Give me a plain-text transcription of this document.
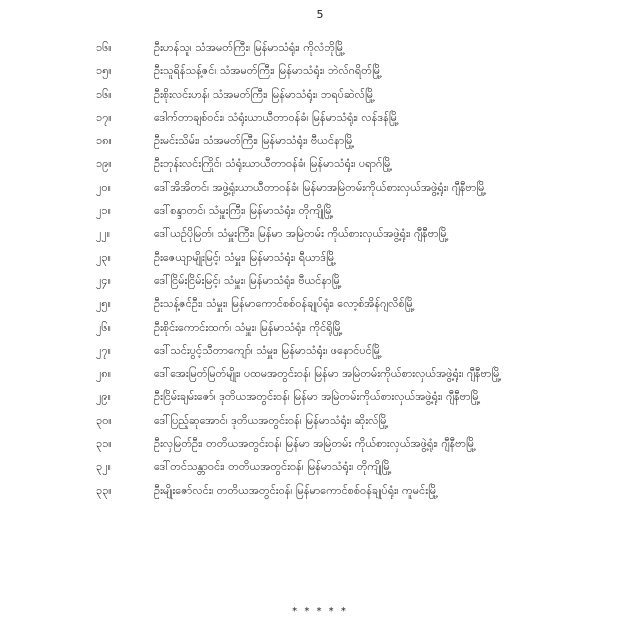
5
၁၆။	ဦးဟန်သူ၊ သံအမတ်ကြီး၊ မြန်မာသံရုံး၊ ကိုလံဘိုမြို့
၁၅။	ဦးသူရိန်သန့်ဇင်၊ သံအမတ်ကြီး၊ မြန်မာသံရုံး၊ ဘဲလ်ဂရိတ်မြို့
၁၆။	ဦးစိုးလင်းဟန်၊ သံအမတ်ကြီး၊ မြန်မာသံရုံး၊ ဘရပ်ဆဲလ်မြို့
၁၇။	ဒေါက်တာချစ်ဝင်း၊ သံရုံးယာယီတာဝန်ခံ၊ မြန်မာသံရုံး၊ လန်ဒန်မြို့
၁၈။	ဦးမင်းသိမ်း၊ သံအမတ်ကြီး၊ မြန်မာသံရုံး၊ ဗီယင်နာမြို့
၁၉။	ဦးဘုန်းလင်းကြိုင်၊ သံရုံးယာယီတာဝန်ခံ၊ မြန်မာသံရုံး၊ ပရာဂ်မြို့
၂၀။	ဒေါ်အိအိတင်၊ အဖွဲ့ရုံးယာယီတာဝန်ခံ၊ မြန်မာအမြဲတမ်းကိုယ်စားလှယ်အဖွဲ့ရုံး၊ ဂျီနီဗာမြို့
၂၁။	ဒေါ်စန္ဒာတင်၊ သံမှူးကြီး၊ မြန်မာသံရုံး၊ တိုကျိုမြို့
၂၂။	ဒေါ်ယဉ်ပိုမြတ်၊ သံမှူးကြီး၊ မြန်မာ အမြဲတမ်း ကိုယ်စားလှယ်အဖွဲ့ရုံး၊ ဂျီနီဗာမြို့
၂၃။	ဦးဇေယျာမျိုးမြင့်၊ သံမှူး၊ မြန်မာသံရုံး၊ ရီယာဒ်မြို့
၂၄။	ဒေါ်ငြိမ်းငြိမ်းမြင့်၊ သံမှူး၊ မြန်မာသံရုံး၊ ဗီယင်နာမြို့
၂၅။	ဦးသန့်ဇင်ဦး၊ သံမှူး၊ မြန်မာကောင်စစ်ဝန်ချုပ်ရုံး၊ လော့စ်အိန်ဂျလိစ်မြို့
၂၆။	ဦးစိုင်းကောင်းထက်၊ သံမှူး၊ မြန်မာသံရုံး၊ ကိုင်ရိုမြို့
၂၇။	ဒေါ်သင်းပွင့်သီတာကျော်၊ သံမှူး၊ မြန်မာသံရုံး၊ ဖနောင်ပင်မြို့
၂၈။	ဒေါ်အေးမြတ်မြတ်မျိုး၊ ပထမအတွင်းဝန်၊ မြန်မာ အမြဲတမ်းကိုယ်စားလှယ်အဖွဲ့ရုံး၊ ဂျီနီဗာမြို့
၂၉။	ဦးငြိမ်းချမ်းဇော်၊ ဒုတိယအတွင်းဝန်၊ မြန်မာ အမြဲတမ်းကိုယ်စားလှယ်အဖွဲ့ရုံး၊ ဂျီနီဗာမြို့
၃၀။	ဒေါ်ပြည့်ဆုအောင်၊ ဒုတိယအတွင်းဝန်၊ မြန်မာသံရုံး၊ ဆိုးလ်မြို့
၃၁။	ဦးလှမြတ်ဦး၊ တတိယအတွင်းဝန်၊ မြန်မာ အမြဲတမ်း ကိုယ်စားလှယ်အဖွဲ့ရုံး၊ ဂျီနီဗာမြို့
၃၂။	ဒေါ်တင်သန္တာဝင်း၊ တတိယအတွင်းဝန်၊ မြန်မာသံရုံး၊ တိုကျိုမြို့
၃၃။	ဦးမျိုးဇော်လင်း၊ တတိယအတွင်းဝန်၊ မြန်မာကောင်စစ်ဝန်ချုပ်ရုံး၊ ကူမင်းမြို့
* * * * *
